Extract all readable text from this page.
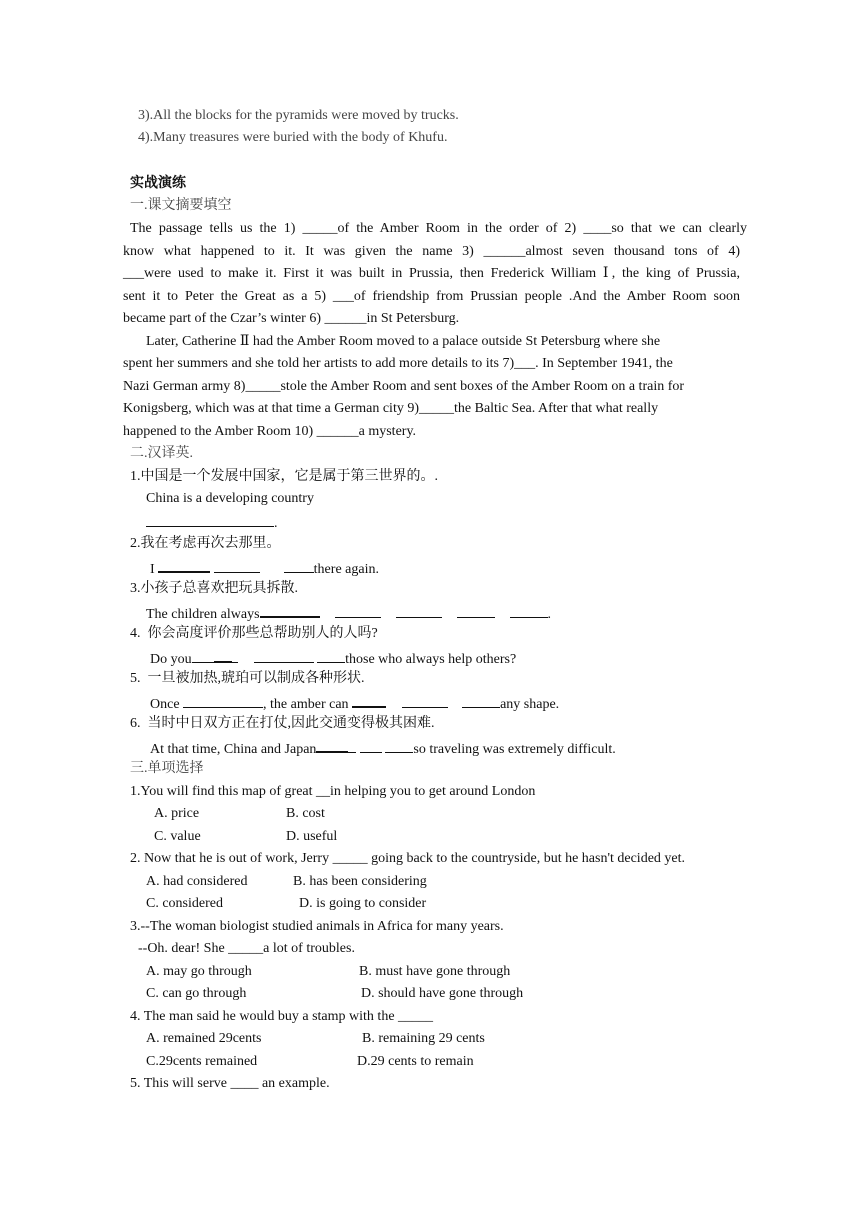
3).All the blocks for the pyramids were moved by trucks.
4).Many treasures were buried with the body of Khufu.
实战演练
一.课文摘要填空
The passage tells us the 1) _____of the Amber Room in the order of 2) ____so that we can clearly
know what happened to it. It was given the name 3) ______almost seven thousand tons of 4)
___were used to make it. First it was built in Prussia, then Frederick William Ⅰ, the king of Prussia,
sent it to Peter the Great as a 5) ___of friendship from Prussian people .And the Amber Room soon
became part of the Czar’s winter 6) ______in St Petersburg.
Later, Catherine Ⅱ had the Amber Room moved to a palace outside St Petersburg where she
spent her summers and she told her artists to add more details to its 7)___. In September 1941, the
Nazi German army 8)_____stole the Amber Room and sent boxes of the Amber Room on a train for
Konigsberg, which was at that time a German city 9)_____the Baltic Sea. After that what really
happened to the Amber Room 10) ______a mystery.
二.汉译英.
1.中国是一个发展中国家，它是属于第三世界的。.
China is a developing country
.
2.我在考虑再次去那里。
I	there again.
3.小孩子总喜欢把玩具拆散.
The children always	.
4.  你会高度评价那些总帮助别人的人吗?
Do you	those who always help others?
5.  一旦被加热,琥珀可以制成各种形状.
Once	, the amber can	any shape.
6.  当时中日双方正在打仗,因此交通变得极其困难.
At that time, China and Japan	so traveling was extremely difficult.
三.单项选择
1.You will find this map of great __in helping you to get around London
A. price	B. cost
C. value	D. useful
2. Now that he is out of work, Jerry _____ going back to the countryside, but he hasn't decided yet.
A. had considered	B. has been considering
C. considered	D. is going to consider
3.--The woman biologist studied animals in Africa for many years.
--Oh. dear! She _____a lot of troubles.
A. may go through	B. must have gone through
C. can go through	D. should have gone through
4. The man said he would buy a stamp with the _____
A. remained 29cents	B. remaining 29 cents
C.29cents remained	D.29 cents to remain
5. This will serve ____ an example.
